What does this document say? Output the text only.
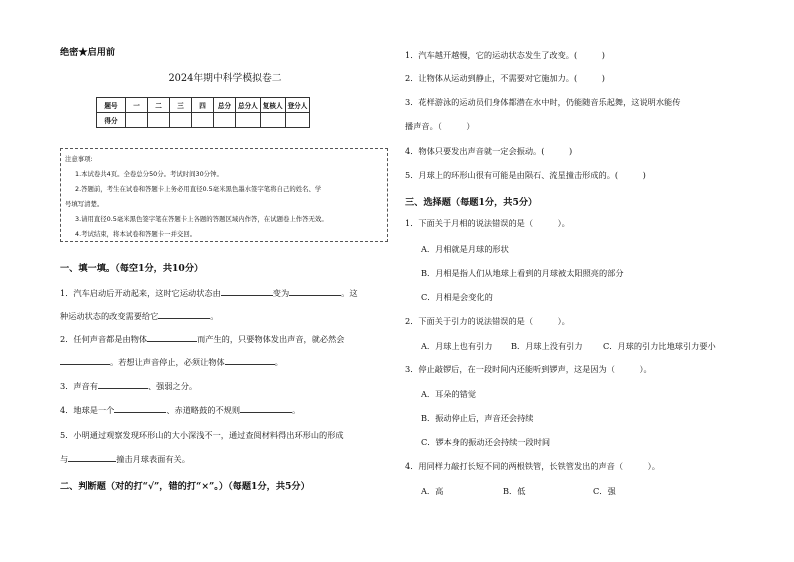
绝密★启用前
2024年期中科学模拟卷二
题号	一	二	三	四	总分	总分人	复核人	登分人
得分								
注意事项:
1.本试卷共4页。全卷总分50分。考试时间30分钟。
2.答题前，考生在试卷和答题卡上务必用直径0.5毫米黑色墨水签字笔将自己的姓名、学
号填写清楚。
3.请用直径0.5毫米黑色签字笔在答题卡上各题的答题区域内作答，在试题卷上作答无效。
4.考试结束，将本试卷和答题卡一并交回。
一、填一填。（每空1分，共10分）
1．汽车启动后开动起来，这时它运动状态由	变为	。这
种运动状态的改变需要给它	。
2．任何声音都是由物体	而产生的，只要物体发出声音，就必然会
。若想让声音停止，必须让物体	。
3．声音有	、强弱之分。
4．地球是一个	、赤道略鼓的不规则	。
5．小明通过观察发现环形山的大小深浅不一，通过查阅材料得出环形山的形成
与	撞击月球表面有关。
二、判断题（对的打“√”，错的打“×”。）（每题1分，共5分）
1．汽车越开越慢，它的运动状态发生了改变。(　　　)
2．让物体从运动到静止，不需要对它施加力。(　　　)
3．花样游泳的运动员们身体都潜在水中时，仍能随音乐起舞，这说明水能传
播声音。（　　　）
4．物体只要发出声音就一定会振动。(　　　)
5．月球上的环形山很有可能是由陨石、流星撞击形成的。(　　　)
三、选择题（每题1分，共5分）
1．下面关于月相的说法错误的是（　　　）。
A．月相就是月球的形状
B．月相是指人们从地球上看到的月球被太阳照亮的部分
C．月相是会变化的
2．下面关于引力的说法错误的是（　　　）。
A．月球上也有引力 B．月球上没有引力 C．月球的引力比地球引力要小
3．停止敲锣后，在一段时间内还能听到锣声，这是因为（　　　）。
A．耳朵的错觉
B．振动停止后，声音还会持续
C．锣本身的振动还会持续一段时间
4．用同样力敲打长短不同的两根铁管，长铁管发出的声音（　　　）。
A．高	B．低	C．强
